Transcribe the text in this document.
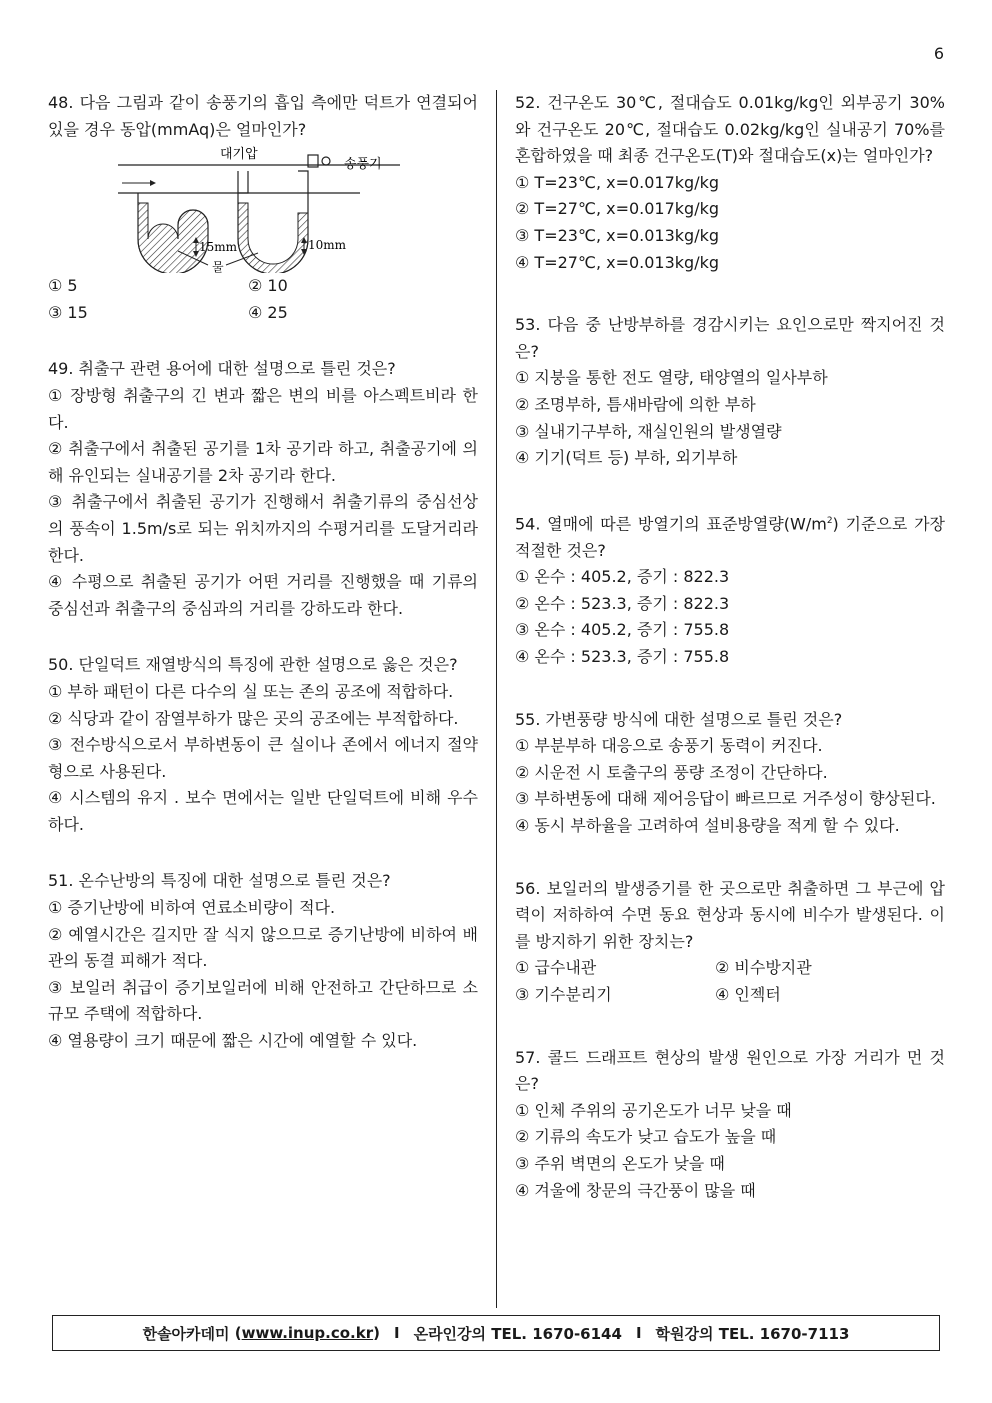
6
48. 다음 그림과 같이 송풍기의 흡입 측에만 덕트가 연결되어 있을 경우 동압(mmAq)은 얼마인가?
대기압
15mm	10mm
송풍기
물
① 5	② 10
③ 15	④ 25
49. 취출구 관련 용어에 대한 설명으로 틀린 것은?
① 장방형 취출구의 긴 변과 짧은 변의 비를 아스펙트비라 한다.
② 취출구에서 취출된 공기를 1차 공기라 하고, 취출공기에 의해 유인되는 실내공기를 2차 공기라 한다.
③ 취출구에서 취출된 공기가 진행해서 취출기류의 중심선상의 풍속이 1.5m/s로 되는 위치까지의 수평거리를 도달거리라 한다.
④ 수평으로 취출된 공기가 어떤 거리를 진행했을 때 기류의 중심선과 취출구의 중심과의 거리를 강하도라 한다.
50. 단일덕트 재열방식의 특징에 관한 설명으로 옳은 것은?
① 부하 패턴이 다른 다수의 실 또는 존의 공조에 적합하다.
② 식당과 같이 잠열부하가 많은 곳의 공조에는 부적합하다.
③ 전수방식으로서 부하변동이 큰 실이나 존에서 에너지 절약형으로 사용된다.
④ 시스템의 유지 . 보수 면에서는 일반 단일덕트에 비해 우수하다.
51. 온수난방의 특징에 대한 설명으로 틀린 것은?
① 증기난방에 비하여 연료소비량이 적다.
② 예열시간은 길지만 잘 식지 않으므로 증기난방에 비하여 배관의 동결 피해가 적다.
③ 보일러 취급이 증기보일러에 비해 안전하고 간단하므로 소규모 주택에 적합하다.
④ 열용량이 크기 때문에 짧은 시간에 예열할 수 있다.
52. 건구온도 30℃, 절대습도 0.01kg/kg인 외부공기 30%와 건구온도 20℃, 절대습도 0.02kg/kg인 실내공기 70%를 혼합하였을 때 최종 건구온도(T)와 절대습도(x)는 얼마인가?
① T=23℃, x=0.017kg/kg
② T=27℃, x=0.017kg/kg
③ T=23℃, x=0.013kg/kg
④ T=27℃, x=0.013kg/kg
53. 다음 중 난방부하를 경감시키는 요인으로만 짝지어진 것은?
① 지붕을 통한 전도 열량, 태양열의 일사부하
② 조명부하, 틈새바람에 의한 부하
③ 실내기구부하, 재실인원의 발생열량
④ 기기(덕트 등) 부하, 외기부하
54. 열매에 따른 방열기의 표준방열량$(W/m^2)$ 기준으로 가장 적절한 것은?
① 온수 : 405.2, 증기 : 822.3
② 온수 : 523.3, 증기 : 822.3
③ 온수 : 405.2, 증기 : 755.8
④ 온수 : 523.3, 증기 : 755.8
55. 가변풍량 방식에 대한 설명으로 틀린 것은?
① 부분부하 대응으로 송풍기 동력이 커진다.
② 시운전 시 토출구의 풍량 조정이 간단하다.
③ 부하변동에 대해 제어응답이 빠르므로 거주성이 향상된다.
④ 동시 부하율을 고려하여 설비용량을 적게 할 수 있다.
56. 보일러의 발생증기를 한 곳으로만 취출하면 그 부근에 압력이 저하하여 수면 동요 현상과 동시에 비수가 발생된다. 이를 방지하기 위한 장치는?
① 급수내관	② 비수방지관
③ 기수분리기	④ 인젝터
57. 콜드 드래프트 현상의 발생 원인으로 가장 거리가 먼 것은?
① 인체 주위의 공기온도가 너무 낮을 때
② 기류의 속도가 낮고 습도가 높을 때
③ 주위 벽면의 온도가 낮을 때
④ 겨울에 창문의 극간풍이 많을 때
한솔아카데미 ( www.inup.co.kr ) I 온라인강의 TEL. 1670-6144 I 학원강의 TEL. 1670-7113
